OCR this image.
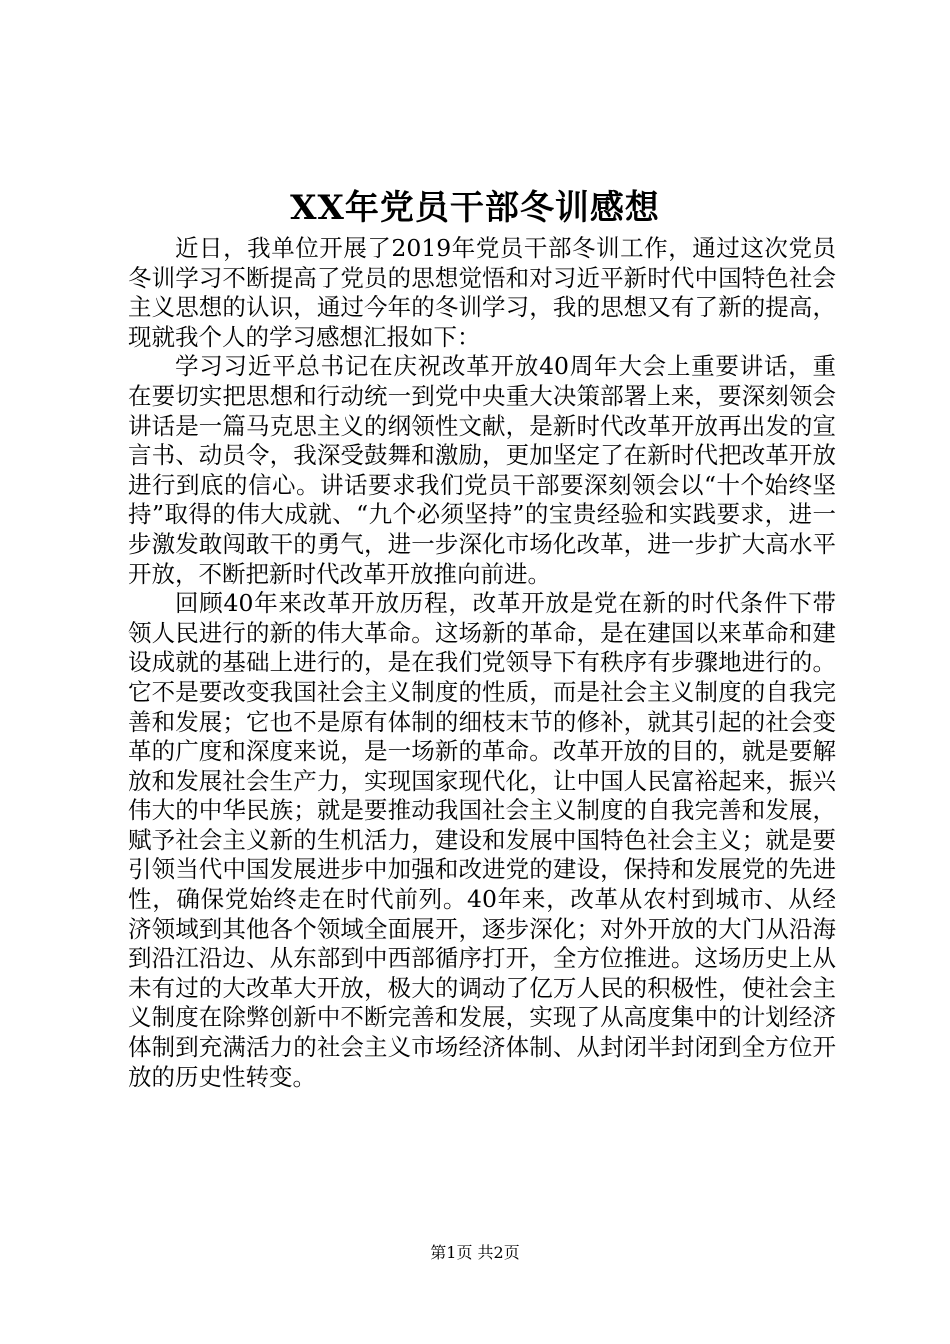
XX年党员干部冬训感想

近日，我单位开展了2019年党员干部冬训工作，通过这次党员冬训学习不断提高了党员的思想觉悟和对习近平新时代中国特色社会主义思想的认识，通过今年的冬训学习，我的思想又有了新的提高，现就我个人的学习感想汇报如下：

学习习近平总书记在庆祝改革开放40周年大会上重要讲话，重在要切实把思想和行动统一到党中央重大决策部署上来，要深刻领会讲话是一篇马克思主义的纲领性文献，是新时代改革开放再出发的宣言书、动员令，我深受鼓舞和激励，更加坚定了在新时代把改革开放进行到底的信心。讲话要求我们党员干部要深刻领会以“十个始终坚持”取得的伟大成就、“九个必须坚持”的宝贵经验和实践要求，进一步激发敢闯敢干的勇气，进一步深化市场化改革，进一步扩大高水平开放，不断把新时代改革开放推向前进。

回顾40年来改革开放历程，改革开放是党在新的时代条件下带领人民进行的新的伟大革命。这场新的革命，是在建国以来革命和建设成就的基础上进行的，是在我们党领导下有秩序有步骤地进行的。它不是要改变我国社会主义制度的性质，而是社会主义制度的自我完善和发展；它也不是原有体制的细枝末节的修补，就其引起的社会变革的广度和深度来说，是一场新的革命。改革开放的目的，就是要解放和发展社会生产力，实现国家现代化，让中国人民富裕起来，振兴伟大的中华民族；就是要推动我国社会主义制度的自我完善和发展，赋予社会主义新的生机活力，建设和发展中国特色社会主义；就是要引领当代中国发展进步中加强和改进党的建设，保持和发展党的先进性，确保党始终走在时代前列。40年来，改革从农村到城市、从经济领域到其他各个领域全面展开，逐步深化；对外开放的大门从沿海到沿江沿边、从东部到中西部循序打开，全方位推进。这场历史上从未有过的大改革大开放，极大的调动了亿万人民的积极性，使社会主义制度在除弊创新中不断完善和发展，实现了从高度集中的计划经济体制到充满活力的社会主义市场经济体制、从封闭半封闭到全方位开放的历史性转变。

第1页 共2页
